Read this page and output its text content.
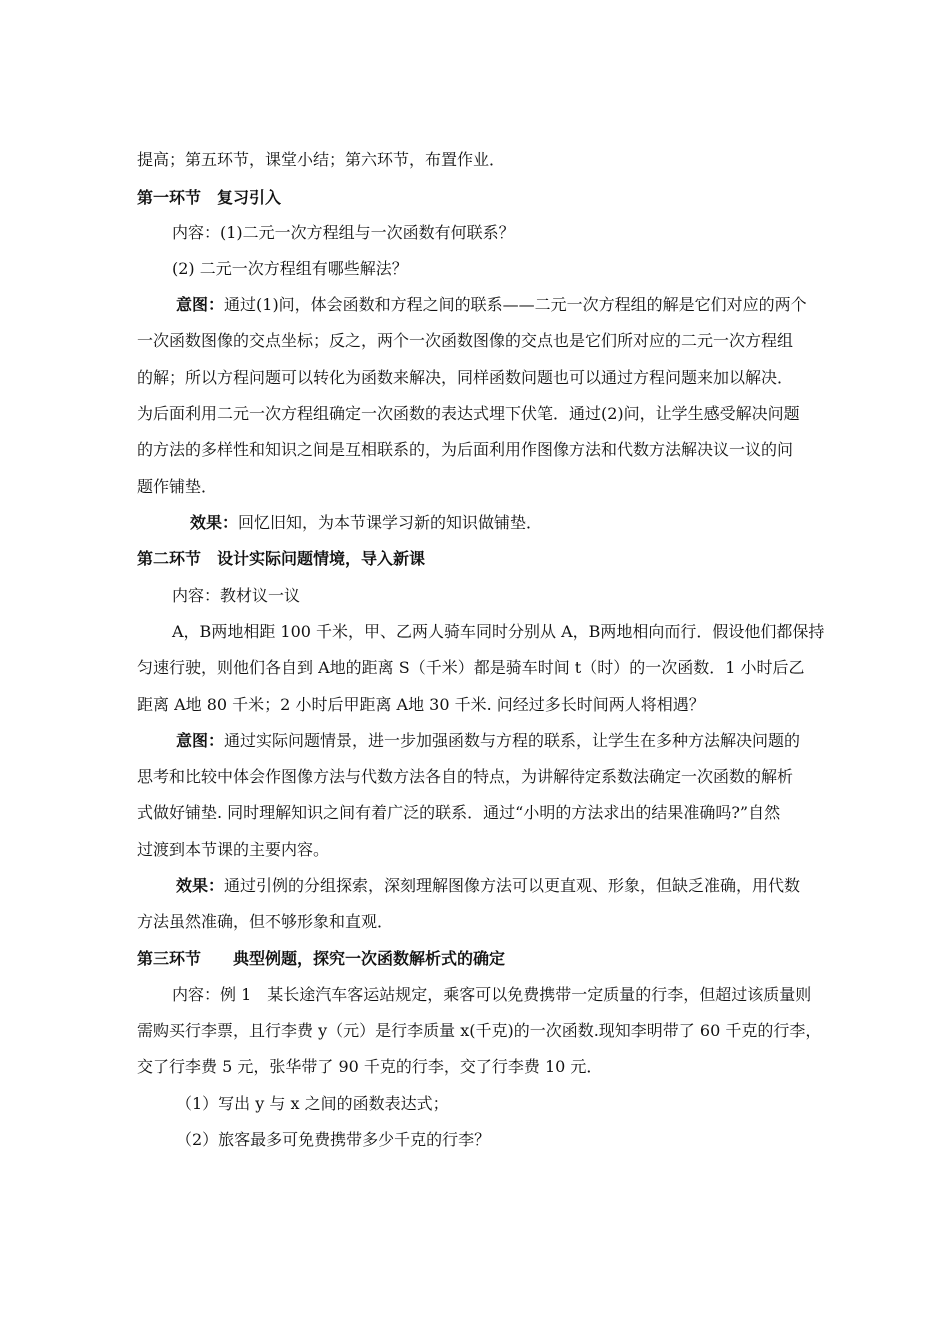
提高；第五环节，课堂小结；第六环节，布置作业．
第一环节　复习引入
内容：(1)二元一次方程组与一次函数有何联系？
(2) 二元一次方程组有哪些解法？
意图：通过(1)问，体会函数和方程之间的联系——二元一次方程组的解是它们对应的两个
一次函数图像的交点坐标；反之，两个一次函数图像的交点也是它们所对应的二元一次方程组
的解；所以方程问题可以转化为函数来解决，同样函数问题也可以通过方程问题来加以解决．
为后面利用二元一次方程组确定一次函数的表达式埋下伏笔．通过(2)问，让学生感受解决问题
的方法的多样性和知识之间是互相联系的，为后面利用作图像方法和代数方法解决议一议的问
题作铺垫．
效果：回忆旧知，为本节课学习新的知识做铺垫．
第二环节　设计实际问题情境，导入新课
内容：教材议一议
A，B两地相距 100 千米，甲、乙两人骑车同时分别从 A，B两地相向而行．假设他们都保持
匀速行驶，则他们各自到 A地的距离 S（千米）都是骑车时间 t（时）的一次函数．1 小时后乙
距离 A地 80 千米；2 小时后甲距离 A地 30 千米. 问经过多长时间两人将相遇？
意图：通过实际问题情景，进一步加强函数与方程的联系，让学生在多种方法解决问题的
思考和比较中体会作图像方法与代数方法各自的特点，为讲解待定系数法确定一次函数的解析
式做好铺垫. 同时理解知识之间有着广泛的联系．通过“小明的方法求出的结果准确吗?”自然
过渡到本节课的主要内容。
效果：通过引例的分组探索，深刻理解图像方法可以更直观、形象，但缺乏准确，用代数
方法虽然准确，但不够形象和直观．
第三环节　　典型例题，探究一次函数解析式的确定
内容：例 1　某长途汽车客运站规定，乘客可以免费携带一定质量的行李，但超过该质量则
需购买行李票，且行李费 y（元）是行李质量 x(千克)的一次函数.现知李明带了 60 千克的行李，
交了行李费 5 元，张华带了 90 千克的行李，交了行李费 10 元．
（1）写出 y 与 x 之间的函数表达式；
（2）旅客最多可免费携带多少千克的行李？
